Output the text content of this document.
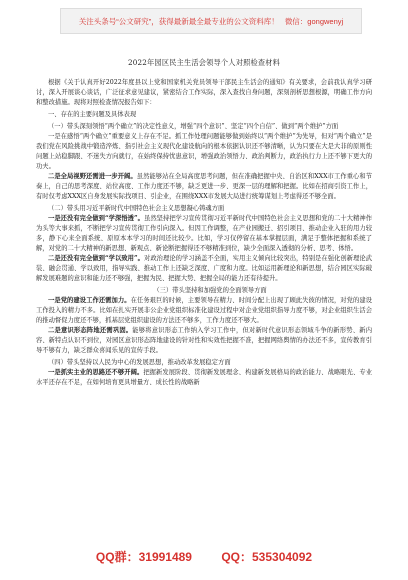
关注头条号“公文研究”，获得最新最全最专业的公文资料库！ 微信：gongwenyj
2022年园区民主生活会领导个人对照检查材料

根据《关于认真开好2022年度县以上党和国家机关党员领导干部民主生活会的通知》有关要求，会前我认真学习研讨，深入开展谈心谈话，广泛征求意见建议，紧密结合工作实际，深入查找自身问题，深刻剖析思想根源，明确工作方向和整改措施。现将对照检查情况报告如下：

一、存在的主要问题及具体表现

（一）带头深刻领悟“两个确立”的决定性意义，增强“四个意识”、坚定“四个自信”、做到“两个维护”方面

一是在感悟“两个确立”重要意义上存在不足。抓工作处理问题能够做到始终以“两个维护”为先导，但对“两个确立”是我们党在风险挑战中锻造淬炼、指引社会主义现代化建设航向的根本依据认识还不够清晰，认为只要在大是大非的原则性问题上站稳脚跟、不迷失方向就行，在始终保持忧患意识，增强政治领悟力、政治判断力，政治执行力上还不够下更大的功夫。

二是全局视野还需进一步开阔。虽然能够站在全局高度思考问题，但在准确把握中央、自治区和XXX市工作重心和节奏上，自己的思考深度、站位高度、工作力度还不够，缺乏更进一步、更深一层的理解和把握。比如在招商引资工作上，有时仅考虑XXX区自身发展实际找项目、引企业，在围绕XXX市发展大局进行统筹谋划上考虑得还不够全面。

（二）带头用习近平新时代中国特色社会主义思想凝心铸魂方面

一是还没有完全做到“学深悟透”。虽然坚持把学习宣传贯彻习近平新时代中国特色社会主义思想和党的二十大精神作为头等大事来抓，不断把学习宣传贯彻工作引向深入。但因工作调整，在产业园搬迁、招引项目、推动企业入驻的用力较多，静下心来全面系统、原原本本学习的时间还比较少。比如，学习仅停留在基本掌握层面，满足于整体把握和系统了解，对党的二十大精神的新思想、新观点、新论断把握得还不够精准到位，缺少全面深入透彻的分析、思考、体悟。

二是还没有完全做到“学以致用”。对政治理论的学习涵盖不全面，实用主义倾向比较突出，特别是在强化创新理论武装、融会贯通、学以致用，指导实践、推动工作上还缺乏深度、广度和力度。比如运用新理论和新思想，结合园区实际破解发展难题的意识和能力还不够强，把握为民、把握大势、把握全局的能力还有待提升。

（三）带头坚持和加强党的全面领导方面

一是党的建设工作还需加力。在任务艰巨的时候，主要领导在精力、时间分配上出现了顾此失彼的情况，对党的建设工作投入的精力不多。比如在扎实开展非公企业党组织标准化建设过程中对企业党组织指导力度不够，对企业组织生活会的推动督促力度还不够，抓基层党组织建设的方法还不够多，工作力度还不够大。

二是意识形态阵地还需巩固。能够将意识形态工作纳入学习工作中，但对新时代意识形态领域斗争的新形势、新内容、新特点认识不到位，对园区意识形态阵地建设的针对性和实效性把握不准，把握网络舆情的办法还不多，宣传教育引导不够有力，缺乏群众喜闻乐见的宣传手段。

（四）带头坚持以人民为中心的发展思想，推动改革发展稳定方面

一是抓实主业的思路还不够开阔。把握新发展阶段、贯彻新发展理念、构建新发展格局的政治能力、战略眼光、专业水平还存在不足，在如何培育更具增量方、成长性的战略新

QQ群：31991489 QQ：535304092
